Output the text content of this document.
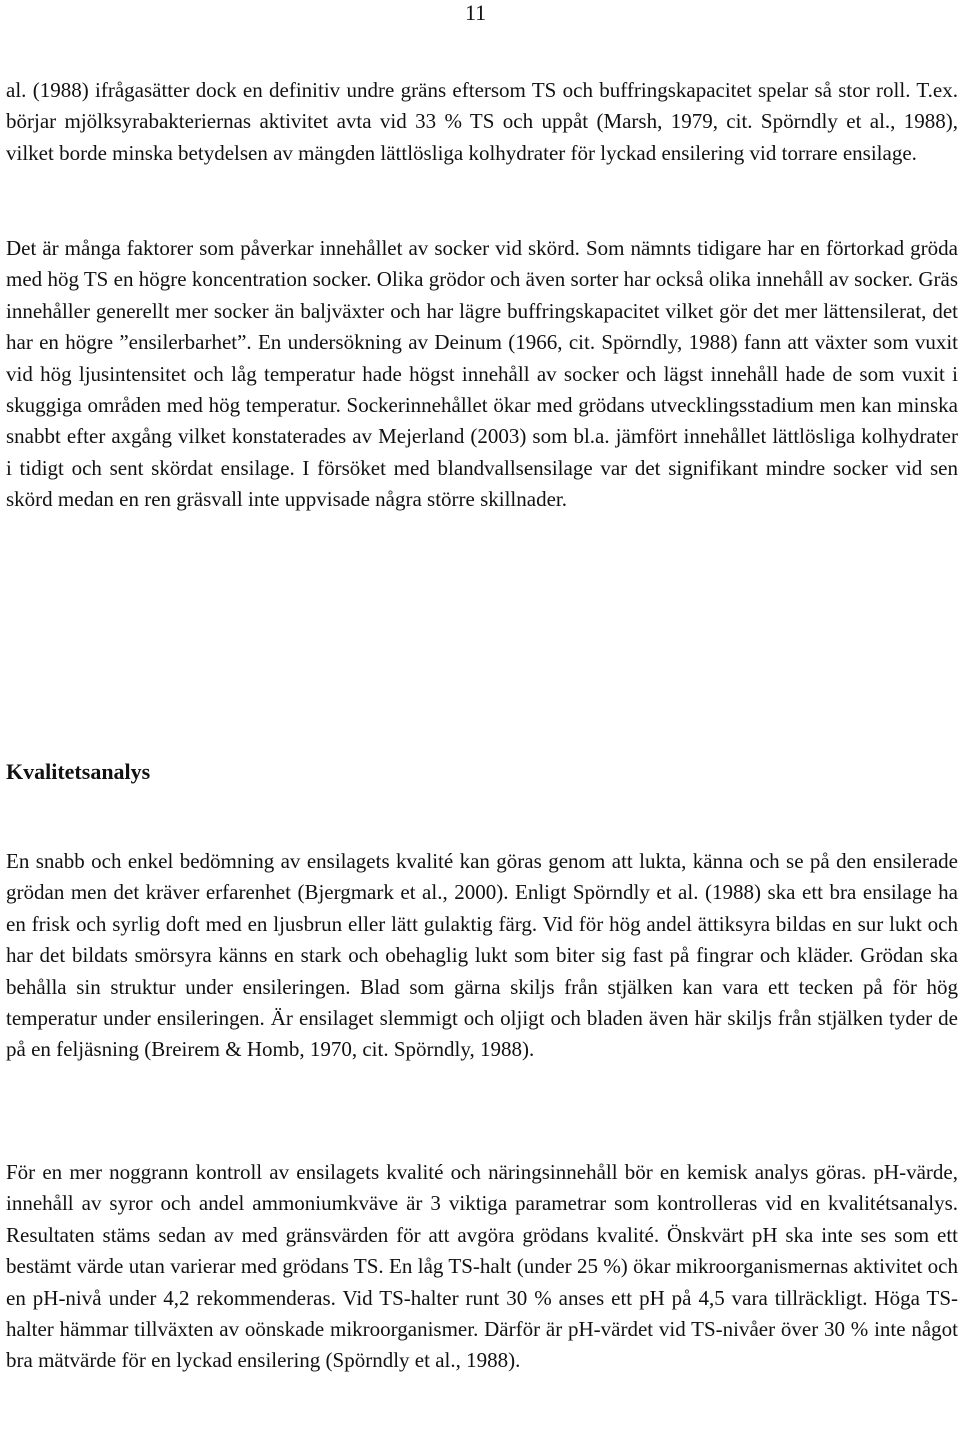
11

al. (1988) ifrågasätter dock en definitiv undre gräns eftersom TS och buffringskapacitet spelar så stor roll. T.ex. börjar mjölksyrabakteriernas aktivitet avta vid 33 % TS och uppåt (Marsh, 1979, cit. Spörndly et al., 1988), vilket borde minska betydelsen av mängden lättlösliga kolhydrater för lyckad ensilering vid torrare ensilage.

Det är många faktorer som påverkar innehållet av socker vid skörd. Som nämnts tidigare har en förtorkad gröda med hög TS en högre koncentration socker. Olika grödor och även sorter har också olika innehåll av socker. Gräs innehåller generellt mer socker än baljväxter och har lägre buffringskapacitet vilket gör det mer lättensilerat, det har en högre ”ensilerbarhet”. En undersökning av Deinum (1966, cit. Spörndly, 1988) fann att växter som vuxit vid hög ljusintensitet och låg temperatur hade högst innehåll av socker och lägst innehåll hade de som vuxit i skuggiga områden med hög temperatur. Sockerinnehållet ökar med grödans utvecklingsstadium men kan minska snabbt efter axgång vilket konstaterades av Mejerland (2003) som bl.a. jämfört innehållet lättlösliga kolhydrater i tidigt och sent skördat ensilage. I försöket med blandvallsensilage var det signifikant mindre socker vid sen skörd medan en ren gräsvall inte uppvisade några större skillnader.

Kvalitetsanalys

En snabb och enkel bedömning av ensilagets kvalité kan göras genom att lukta, känna och se på den ensilerade grödan men det kräver erfarenhet (Bjergmark et al., 2000). Enligt Spörndly et al. (1988) ska ett bra ensilage ha en frisk och syrlig doft med en ljusbrun eller lätt gulaktig färg. Vid för hög andel ättiksyra bildas en sur lukt och har det bildats smörsyra känns en stark och obehaglig lukt som biter sig fast på fingrar och kläder. Grödan ska behålla sin struktur under ensileringen. Blad som gärna skiljs från stjälken kan vara ett tecken på för hög temperatur under ensileringen. Är ensilaget slemmigt och oljigt och bladen även här skiljs från stjälken tyder de på en feljäsning (Breirem & Homb, 1970, cit. Spörndly, 1988).

För en mer noggrann kontroll av ensilagets kvalité och näringsinnehåll bör en kemisk analys göras. pH-värde, innehåll av syror och andel ammoniumkväve är 3 viktiga parametrar som kontrolleras vid en kvalitétsanalys. Resultaten stäms sedan av med gränsvärden för att avgöra grödans kvalité. Önskvärt pH ska inte ses som ett bestämt värde utan varierar med grödans TS. En låg TS-halt (under 25 %) ökar mikroorganismernas aktivitet och en pH-nivå under 4,2 rekommenderas. Vid TS-halter runt 30 % anses ett pH på 4,5 vara tillräckligt. Höga TS-halter hämmar tillväxten av oönskade mikroorganismer. Därför är pH-värdet vid TS-nivåer över 30 % inte något bra mätvärde för en lyckad ensilering (Spörndly et al., 1988).
